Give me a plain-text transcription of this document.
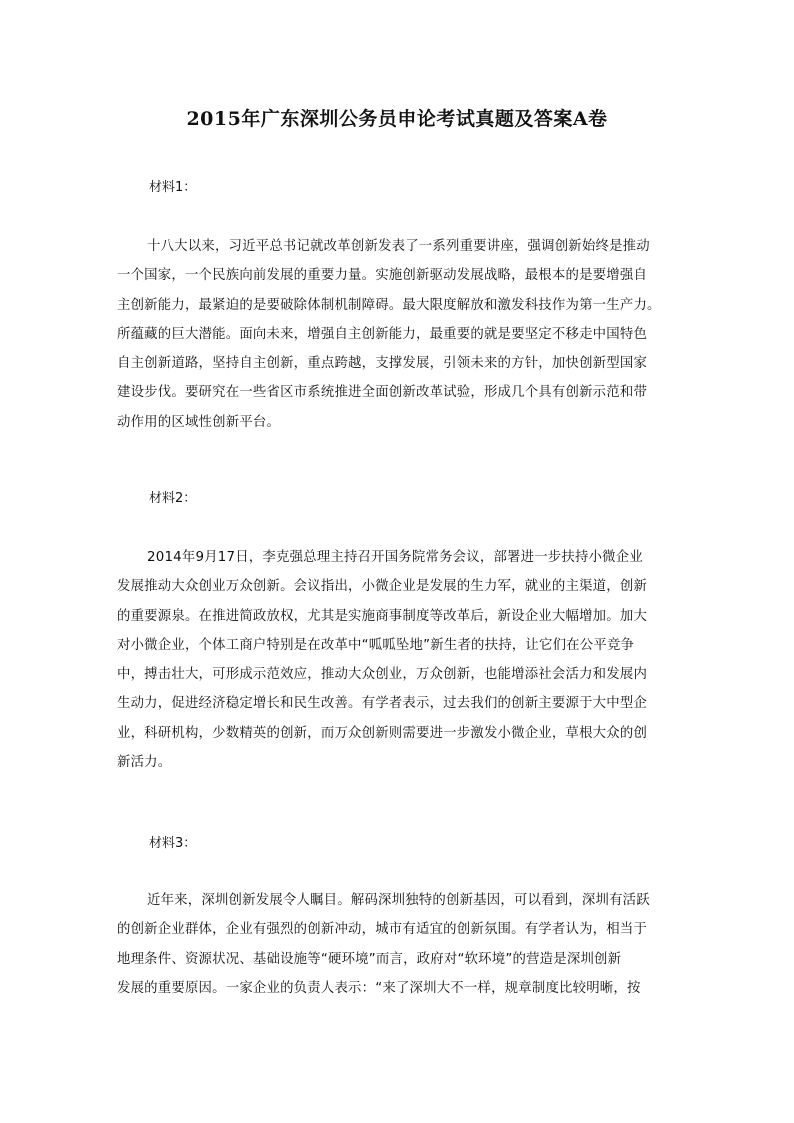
2015年广东深圳公务员申论考试真题及答案A卷
材料1：
十八大以来，习近平总书记就改革创新发表了一系列重要讲座，强调创新始终是推动
一个国家，一个民族向前发展的重要力量。实施创新驱动发展战略，最根本的是要增强自
主创新能力，最紧迫的是要破除体制机制障碍。最大限度解放和激发科技作为第一生产力。
所蕴藏的巨大潜能。面向未来，增强自主创新能力，最重要的就是要坚定不移走中国特色
自主创新道路，坚持自主创新，重点跨越，支撑发展，引领未来的方针，加快创新型国家
建设步伐。要研究在一些省区市系统推进全面创新改革试验，形成几个具有创新示范和带
动作用的区域性创新平台。
材料2：
2014年9月17日，李克强总理主持召开国务院常务会议，部署进一步扶持小微企业
发展推动大众创业万众创新。会议指出，小微企业是发展的生力军，就业的主渠道，创新
的重要源泉。在推进简政放权，尤其是实施商事制度等改革后，新设企业大幅增加。加大
对小微企业，个体工商户特别是在改革中“呱呱坠地”新生者的扶持，让它们在公平竞争
中，搏击壮大，可形成示范效应，推动大众创业，万众创新，也能增添社会活力和发展内
生动力，促进经济稳定增长和民生改善。有学者表示，过去我们的创新主要源于大中型企
业，科研机构，少数精英的创新，而万众创新则需要进一步激发小微企业，草根大众的创
新活力。
材料3：
近年来，深圳创新发展令人瞩目。解码深圳独特的创新基因，可以看到，深圳有活跃
的创新企业群体，企业有强烈的创新冲动，城市有适宜的创新氛围。有学者认为，相当于
地理条件、资源状况、基础设施等“硬环境”而言，政府对“软环境”的营造是深圳创新
发展的重要原因。一家企业的负责人表示：“来了深圳大不一样，规章制度比较明晰，按
